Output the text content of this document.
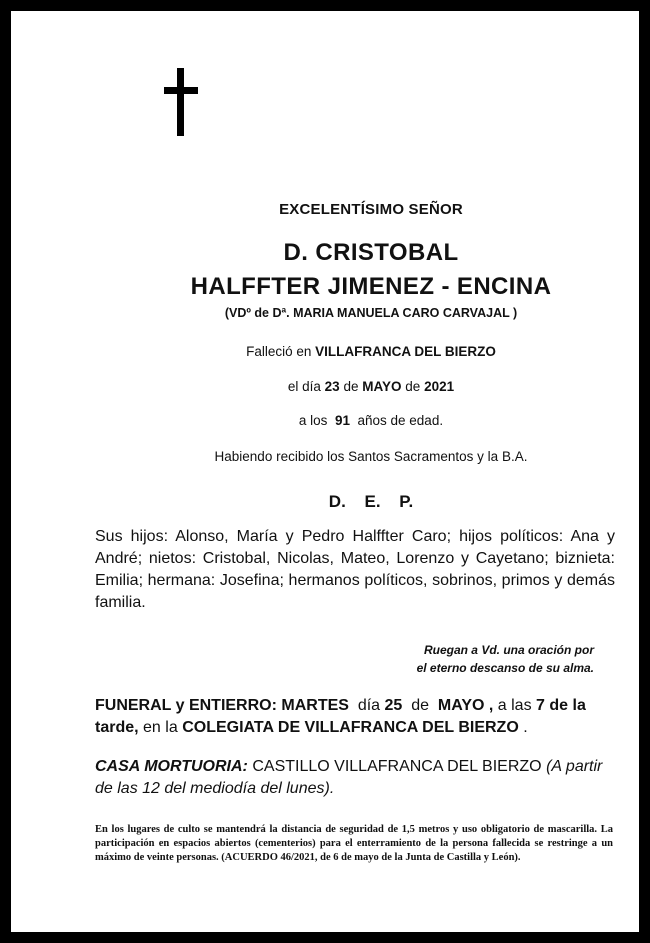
EXCELENTÍSIMO SEÑOR
D. CRISTOBAL
HALFFTER JIMENEZ - ENCINA
(VDº de Dª. MARIA MANUELA CARO CARVAJAL )
Falleció en VILLAFRANCA DEL BIERZO
el día 23 de MAYO de 2021
a los 91 años de edad.
Habiendo recibido los Santos Sacramentos y la B.A.
D. E. P.
Sus hijos: Alonso, María y Pedro Halffter Caro; hijos políticos: Ana y André; nietos: Cristobal, Nicolas, Mateo, Lorenzo y Cayetano; biznieta: Emilia; hermana: Josefina; hermanos políticos, sobrinos, primos y demás familia.
Ruegan a Vd. una oración por
el eterno descanso de su alma.
FUNERAL y ENTIERRO: MARTES día 25 de MAYO , a las 7 de la tarde, en la COLEGIATA DE VILLAFRANCA DEL BIERZO .
CASA MORTUORIA: CASTILLO VILLAFRANCA DEL BIERZO (A partir de las 12 del mediodía del lunes).
En los lugares de culto se mantendrá la distancia de seguridad de 1,5 metros y uso obligatorio de mascarilla. La participación en espacios abiertos (cementerios) para el enterramiento de la persona fallecida se restringe a un máximo de veinte personas. (ACUERDO 46/2021, de 6 de mayo de la Junta de Castilla y León).
